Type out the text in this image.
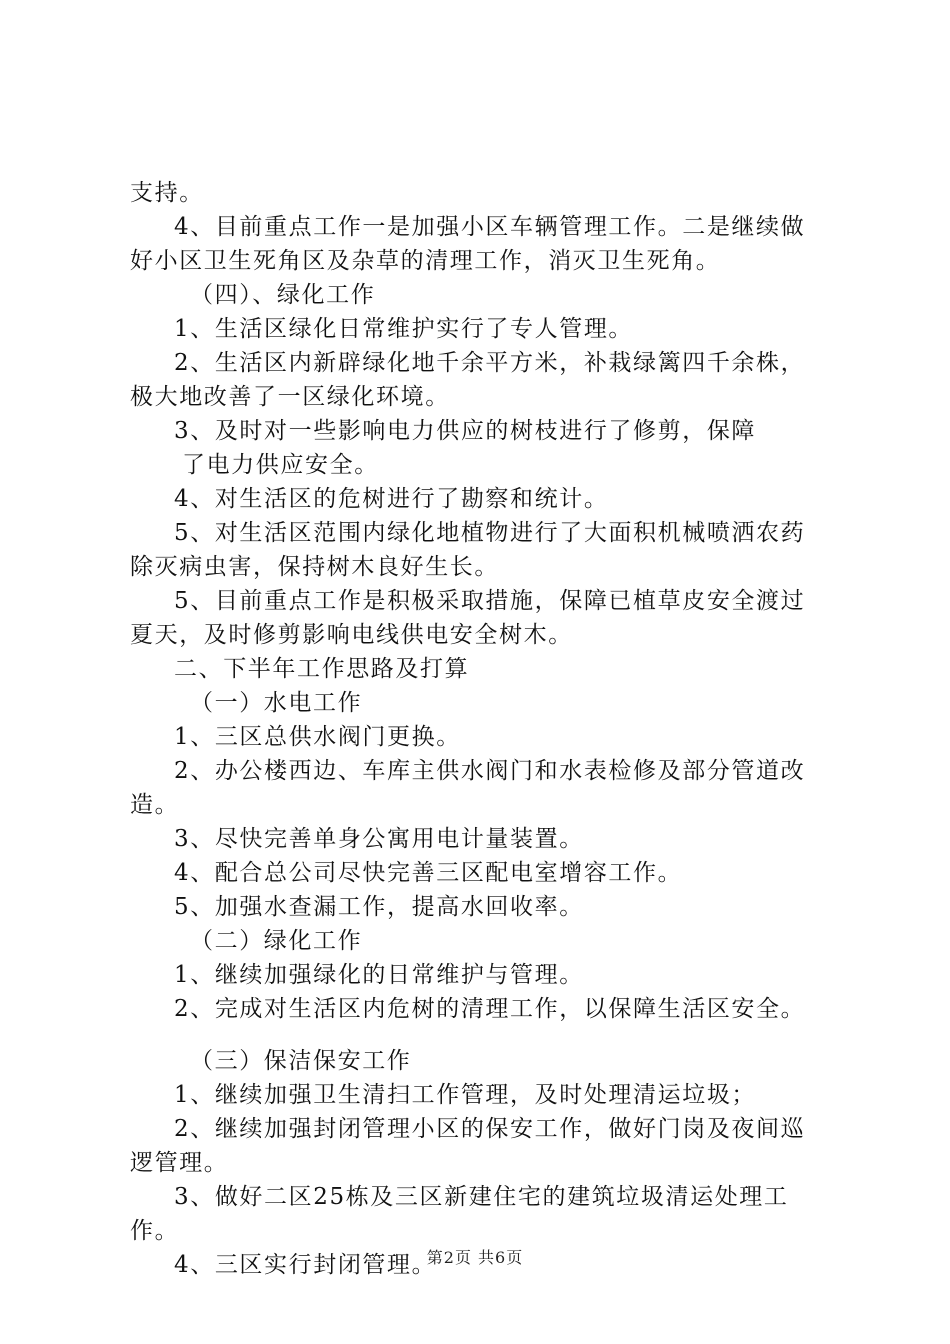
支持。
4、目前重点工作一是加强小区车辆管理工作。二是继续做
好小区卫生死角区及杂草的清理工作，消灭卫生死角。
（四）、绿化工作
1、生活区绿化日常维护实行了专人管理。
2、生活区内新辟绿化地千余平方米，补栽绿篱四千余株，
极大地改善了一区绿化环境。
3、及时对一些影响电力供应的树枝进行了修剪，保障
了电力供应安全。
4、对生活区的危树进行了勘察和统计。
5、对生活区范围内绿化地植物进行了大面积机械喷洒农药
除灭病虫害，保持树木良好生长。
5、目前重点工作是积极采取措施，保障已植草皮安全渡过
夏天，及时修剪影响电线供电安全树木。
二、下半年工作思路及打算
（一）水电工作
1、三区总供水阀门更换。
2、办公楼西边、车库主供水阀门和水表检修及部分管道改
造。
3、尽快完善单身公寓用电计量装置。
4、配合总公司尽快完善三区配电室增容工作。
5、加强水查漏工作，提高水回收率。
（二）绿化工作
1、继续加强绿化的日常维护与管理。
2、完成对生活区内危树的清理工作，以保障生活区安全。
（三）保洁保安工作
1、继续加强卫生清扫工作管理，及时处理清运垃圾；
2、继续加强封闭管理小区的保安工作，做好门岗及夜间巡
逻管理。
3、做好二区25栋及三区新建住宅的建筑垃圾清运处理工
作。
4、三区实行封闭管理。
第2页 共6页
